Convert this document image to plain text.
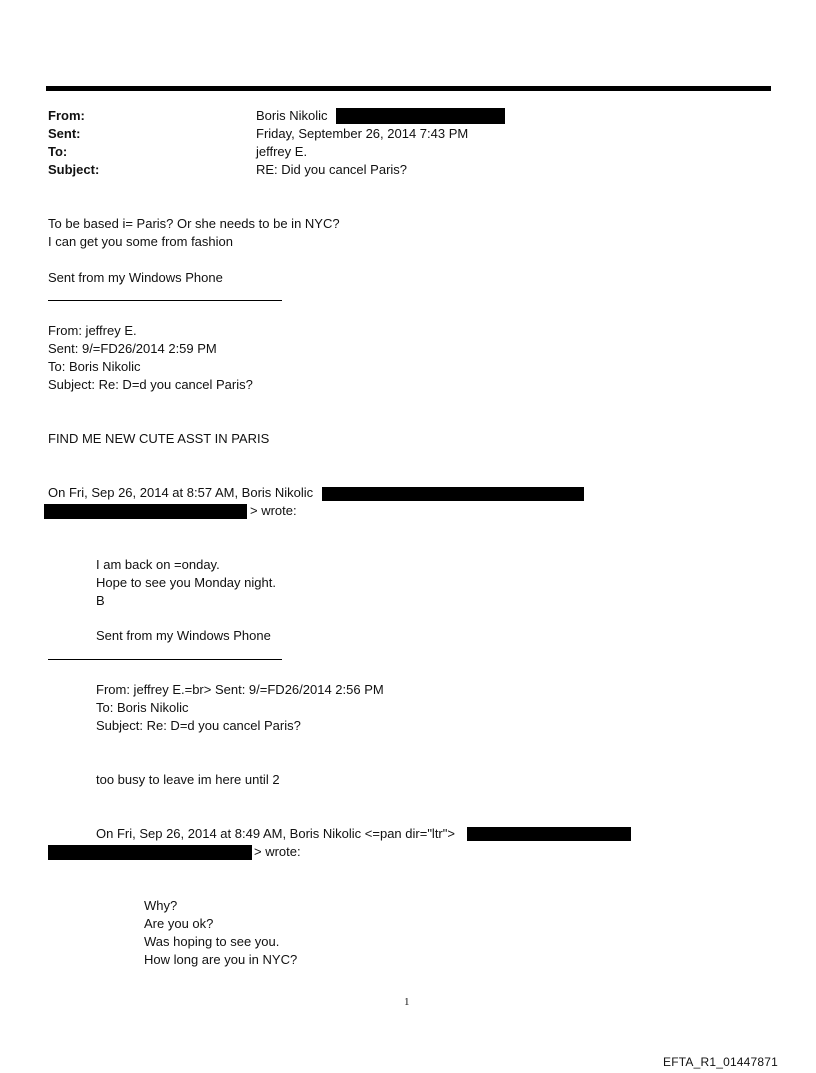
From:
Sent:
To:
Subject:
Boris Nikolic
Friday, September 26, 2014 7:43 PM
jeffrey E.
RE: Did you cancel Paris?
To be based i= Paris? Or she needs to be in NYC?
I can get you some from fashion
Sent from my Windows Phone
From: jeffrey E.
Sent: 9/=FD26/2014 2:59 PM
To: Boris Nikolic
Subject: Re: D=d you cancel Paris?
FIND ME NEW CUTE ASST IN PARIS
On Fri, Sep 26, 2014 at 8:57 AM, Boris Nikolic
> wrote:
I am back on =onday.
Hope to see you Monday night.
B
Sent from my Windows Phone
From: jeffrey E.=br> Sent: 9/=FD26/2014 2:56 PM
To: Boris Nikolic
Subject: Re: D=d you cancel Paris?
too busy to leave im here until 2
On Fri, Sep 26, 2014 at 8:49 AM, Boris Nikolic <=pan dir="ltr">
> wrote:
Why?
Are you ok?
Was hoping to see you.
How long are you in NYC?
1
EFTA_R1_01447871
